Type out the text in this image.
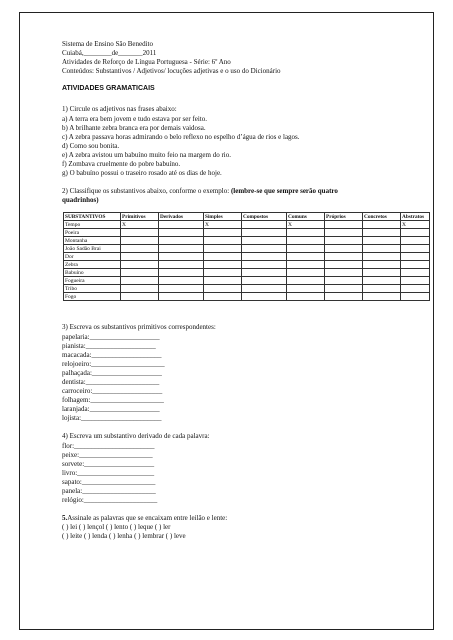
Sistema de Ensino São Benedito
Cuiabá,________de_______2011
Atividades de Reforço de Língua Portuguesa - Série: 6º Ano
Conteúdos: Substantivos / Adjetivos/ locuções adjetivas e o uso do Dicionário
ATIVIDADES GRAMATICAIS
1) Circule os adjetivos nas frases abaixo:
a) A terra era bem jovem e tudo estava por ser feito.
b) A brilhante zebra branca era por demais vaidosa.
c) A zebra passava horas admirando o belo reflexo no espelho d’água de rios e lagos.
d) Como sou bonita.
e) A zebra avistou um babuíno muito feio na margem do rio.
f) Zombava cruelmente do pobre babuíno.
g) O babuíno possui o traseiro rosado até os dias de hoje.
2) Classifique os substantivos abaixo, conforme o exemplo: (lembre-se que sempre serão quatro
quadrinhos)
SUBSTANTIVOS	Primitivos	Derivados	Simples	Compostos	Comuns	Próprios	Concretos	Abstratos
Tempo	X		X		X			X
Poeira								
Montanha								
João Sadão Brai								
Dor								
Zebra								
Babuíno								
Fogueira								
Tribo								
Fogo								
3) Escreva os substantivos primitivos correspondentes:
papelaria:____________________
pianista:____________________
macacada:____________________
relojoeiro:_____________________
palhaçada:____________________
dentista:_____________________
carroceiro:____________________
folhagem:_____________________
laranjada:____________________
lojista:_______________________
4) Escreva um substantivo derivado de cada palavra:
flor:_______________________
peixe:_____________________
sorvete:____________________
livro:______________________
sapato:_____________________
panela:_____________________
relógio:_____________________
5.Assinale as palavras que se encaixam entre leilão e lente:
( ) lei ( ) lençol ( ) lento ( ) leque ( ) ler
( ) leite ( ) lenda ( ) lenha ( ) lembrar ( ) leve
